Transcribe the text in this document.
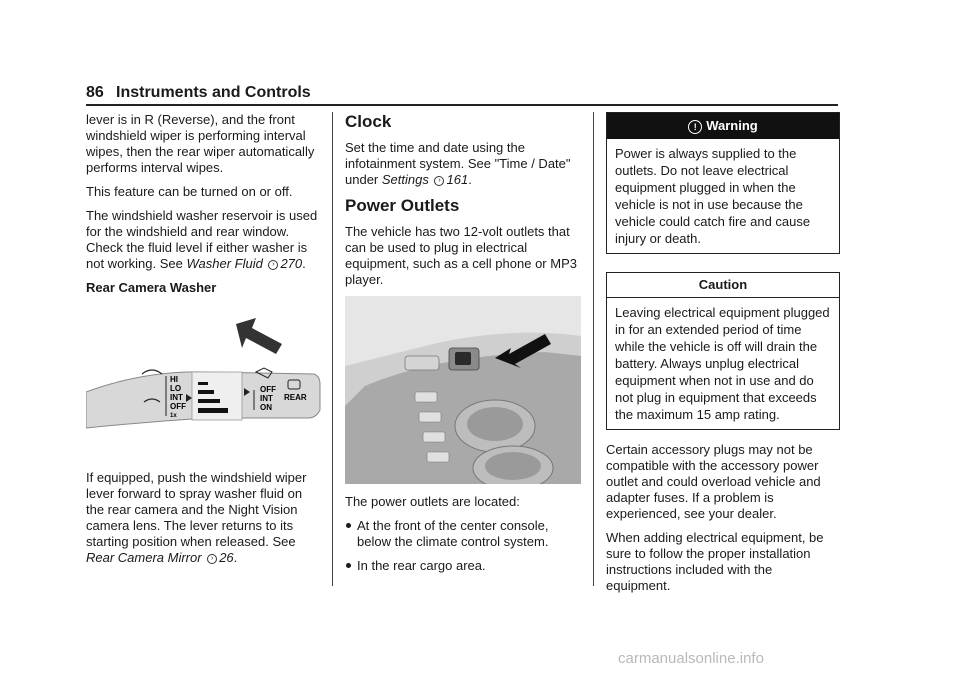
86 Instruments and Controls

lever is in R (Reverse), and the front windshield wiper is performing interval wipes, then the rear wiper automatically performs interval wipes.

This feature can be turned on or off.

The windshield washer reservoir is used for the windshield and rear window. Check the fluid level if either washer is not working. See Washer Fluid › 270.

Rear Camera Washer

HI
LO
INT
OFF
1x
OFF
INT
ON
REAR

If equipped, push the windshield wiper lever forward to spray washer fluid on the rear camera and the Night Vision camera lens. The lever returns to its starting position when released. See Rear Camera Mirror › 26.

Clock

Set the time and date using the infotainment system. See "Time / Date" under Settings › 161.

Power Outlets

The vehicle has two 12-volt outlets that can be used to plug in electrical equipment, such as a cell phone or MP3 player.

The power outlets are located:

At the front of the center console, below the climate control system.
In the rear cargo area.
! Warning
Power is always supplied to the outlets. Do not leave electrical equipment plugged in when the vehicle is not in use because the vehicle could catch fire and cause injury or death.
Caution
Leaving electrical equipment plugged in for an extended period of time while the vehicle is off will drain the battery. Always unplug electrical equipment when not in use and do not plug in equipment that exceeds the maximum 15 amp rating.

Certain accessory plugs may not be compatible with the accessory power outlet and could overload vehicle and adapter fuses. If a problem is experienced, see your dealer.

When adding electrical equipment, be sure to follow the proper installation instructions included with the equipment.

carmanualsonline.info
